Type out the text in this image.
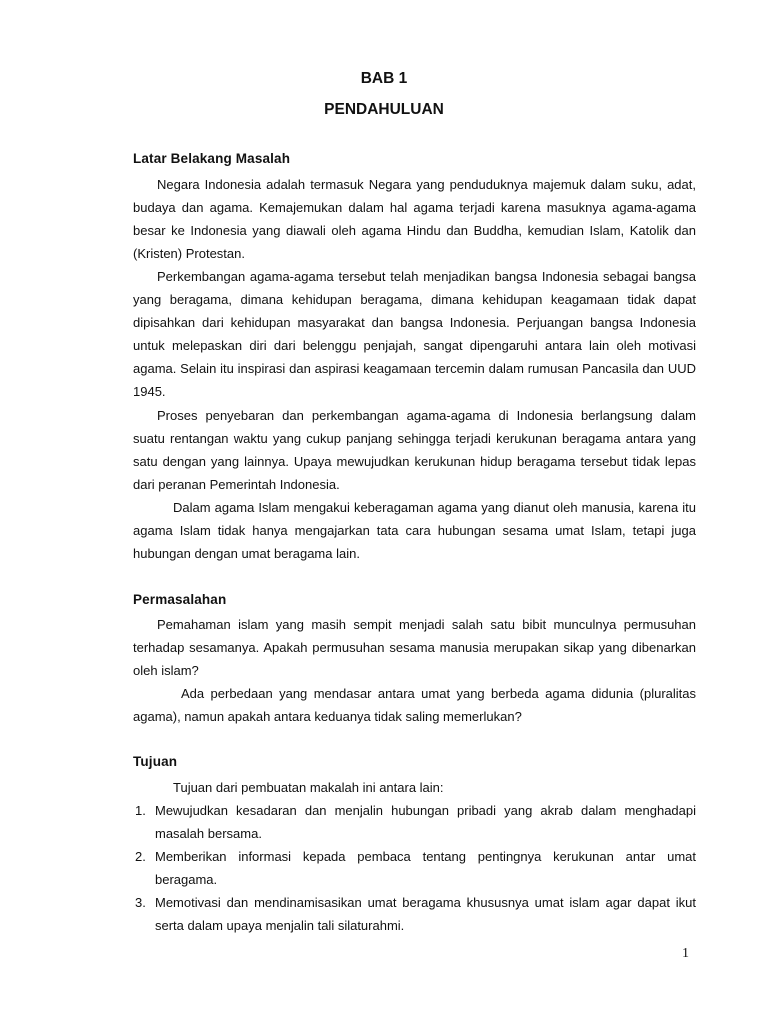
BAB 1
PENDAHULUAN
Latar Belakang Masalah

Negara Indonesia adalah termasuk Negara yang penduduknya majemuk dalam suku, adat, budaya dan agama. Kemajemukan dalam hal agama terjadi karena masuknya agama-agama besar ke Indonesia yang diawali oleh agama Hindu dan Buddha, kemudian Islam, Katolik dan (Kristen) Protestan.

Perkembangan agama-agama tersebut telah menjadikan bangsa Indonesia sebagai bangsa yang beragama, dimana kehidupan beragama, dimana kehidupan keagamaan tidak dapat dipisahkan dari kehidupan masyarakat dan bangsa Indonesia. Perjuangan bangsa Indonesia untuk melepaskan diri dari belenggu penjajah, sangat dipengaruhi antara lain oleh motivasi agama. Selain itu inspirasi dan aspirasi keagamaan tercemin dalam rumusan Pancasila dan UUD 1945.

Proses penyebaran dan perkembangan agama-agama di Indonesia berlangsung dalam suatu rentangan waktu yang cukup panjang sehingga terjadi kerukunan beragama antara yang satu dengan yang lainnya. Upaya mewujudkan kerukunan hidup beragama tersebut tidak lepas dari peranan Pemerintah Indonesia.

Dalam agama Islam mengakui keberagaman agama yang dianut oleh manusia, karena itu agama Islam tidak hanya mengajarkan tata cara hubungan sesama umat Islam, tetapi juga hubungan dengan umat beragama lain.

Permasalahan

Pemahaman islam yang masih sempit menjadi salah satu bibit munculnya permusuhan terhadap sesamanya. Apakah permusuhan sesama manusia merupakan sikap yang dibenarkan oleh islam?

Ada perbedaan yang mendasar antara umat yang berbeda agama didunia (pluralitas agama), namun apakah antara keduanya tidak saling memerlukan?

Tujuan

Tujuan dari pembuatan makalah ini antara lain:

1. Mewujudkan kesadaran dan menjalin hubungan pribadi yang akrab dalam menghadapi masalah bersama.
2. Memberikan informasi kepada pembaca tentang pentingnya kerukunan antar umat beragama.
3. Memotivasi dan mendinamisasikan umat beragama khususnya umat islam agar dapat ikut serta dalam upaya menjalin tali silaturahmi.
1
